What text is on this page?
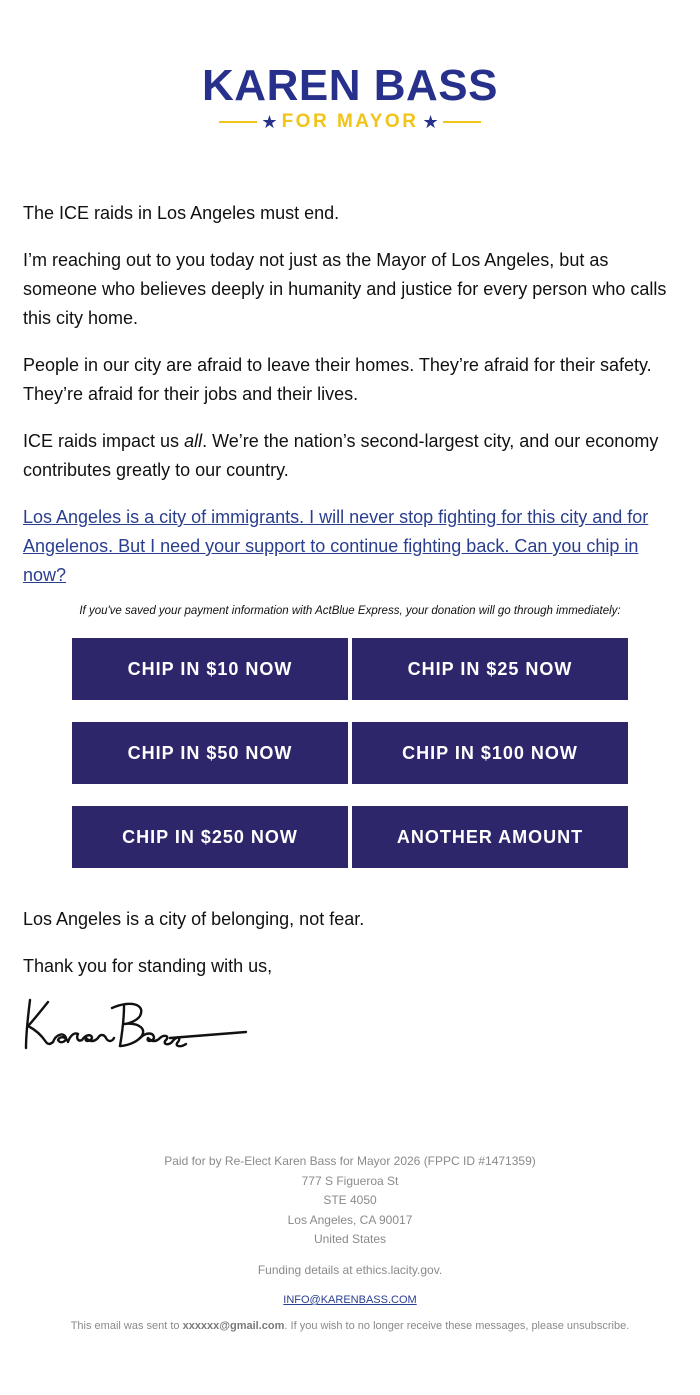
KAREN BASS
★ FOR MAYOR ★

The ICE raids in Los Angeles must end.

I’m reaching out to you today not just as the Mayor of Los Angeles, but as someone who believes deeply in humanity and justice for every person who calls this city home.

People in our city are afraid to leave their homes. They’re afraid for their safety. They’re afraid for their jobs and their lives.

ICE raids impact us all. We’re the nation’s second-largest city, and our economy contributes greatly to our country.

Los Angeles is a city of immigrants. I will never stop fighting for this city and for Angelenos. But I need your support to continue fighting back. Can you chip in now?

If you've saved your payment information with ActBlue Express, your donation will go through immediately:
CHIP IN $10 NOW	CHIP IN $25 NOW
CHIP IN $50 NOW	CHIP IN $100 NOW
CHIP IN $250 NOW	ANOTHER AMOUNT

Los Angeles is a city of belonging, not fear.

Thank you for standing with us,

Paid for by Re-Elect Karen Bass for Mayor 2026 (FPPC ID #1471359)
777 S Figueroa St
STE 4050
Los Angeles, CA 90017
United States
Funding details at ethics.lacity.gov.
INFO@KARENBASS.COM
This email was sent to xxxxxx@gmail.com. If you wish to no longer receive these messages, please unsubscribe.
